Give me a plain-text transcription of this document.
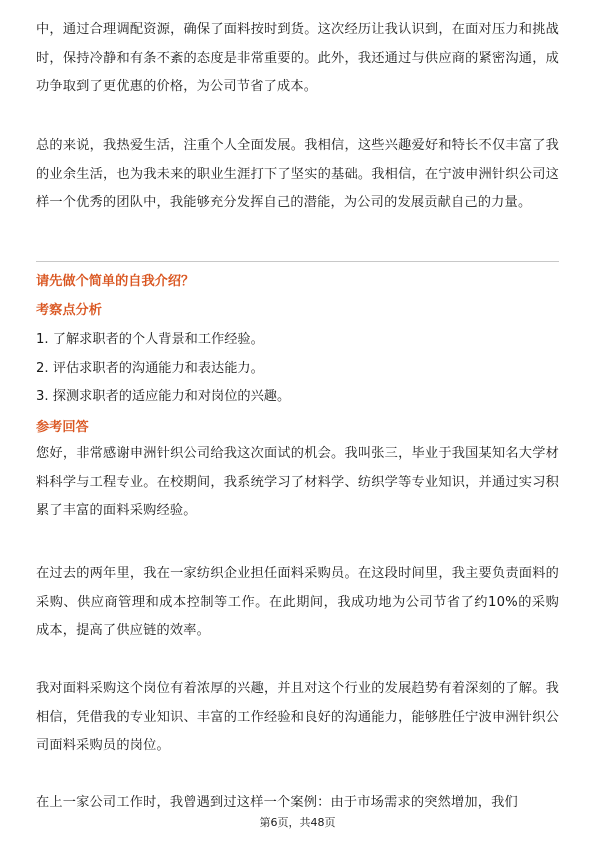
中，通过合理调配资源，确保了面料按时到货。这次经历让我认识到，在面对压力和挑战时，保持冷静和有条不紊的态度是非常重要的。此外，我还通过与供应商的紧密沟通，成功争取到了更优惠的价格，为公司节省了成本。

总的来说，我热爱生活，注重个人全面发展。我相信，这些兴趣爱好和特长不仅丰富了我的业余生活，也为我未来的职业生涯打下了坚实的基础。我相信，在宁波申洲针织公司这样一个优秀的团队中，我能够充分发挥自己的潜能，为公司的发展贡献自己的力量。

请先做个简单的自我介绍？
考察点分析
1. 了解求职者的个人背景和工作经验。
2. 评估求职者的沟通能力和表达能力。
3. 探测求职者的适应能力和对岗位的兴趣。
参考回答

您好，非常感谢申洲针织公司给我这次面试的机会。我叫张三，毕业于我国某知名大学材料科学与工程专业。在校期间，我系统学习了材料学、纺织学等专业知识，并通过实习积累了丰富的面料采购经验。

在过去的两年里，我在一家纺织企业担任面料采购员。在这段时间里，我主要负责面料的采购、供应商管理和成本控制等工作。在此期间，我成功地为公司节省了约10%的采购成本，提高了供应链的效率。

我对面料采购这个岗位有着浓厚的兴趣，并且对这个行业的发展趋势有着深刻的了解。我相信，凭借我的专业知识、丰富的工作经验和良好的沟通能力，能够胜任宁波申洲针织公司面料采购员的岗位。

在上一家公司工作时，我曾遇到过这样一个案例：由于市场需求的突然增加，我们

第6页，共48页
